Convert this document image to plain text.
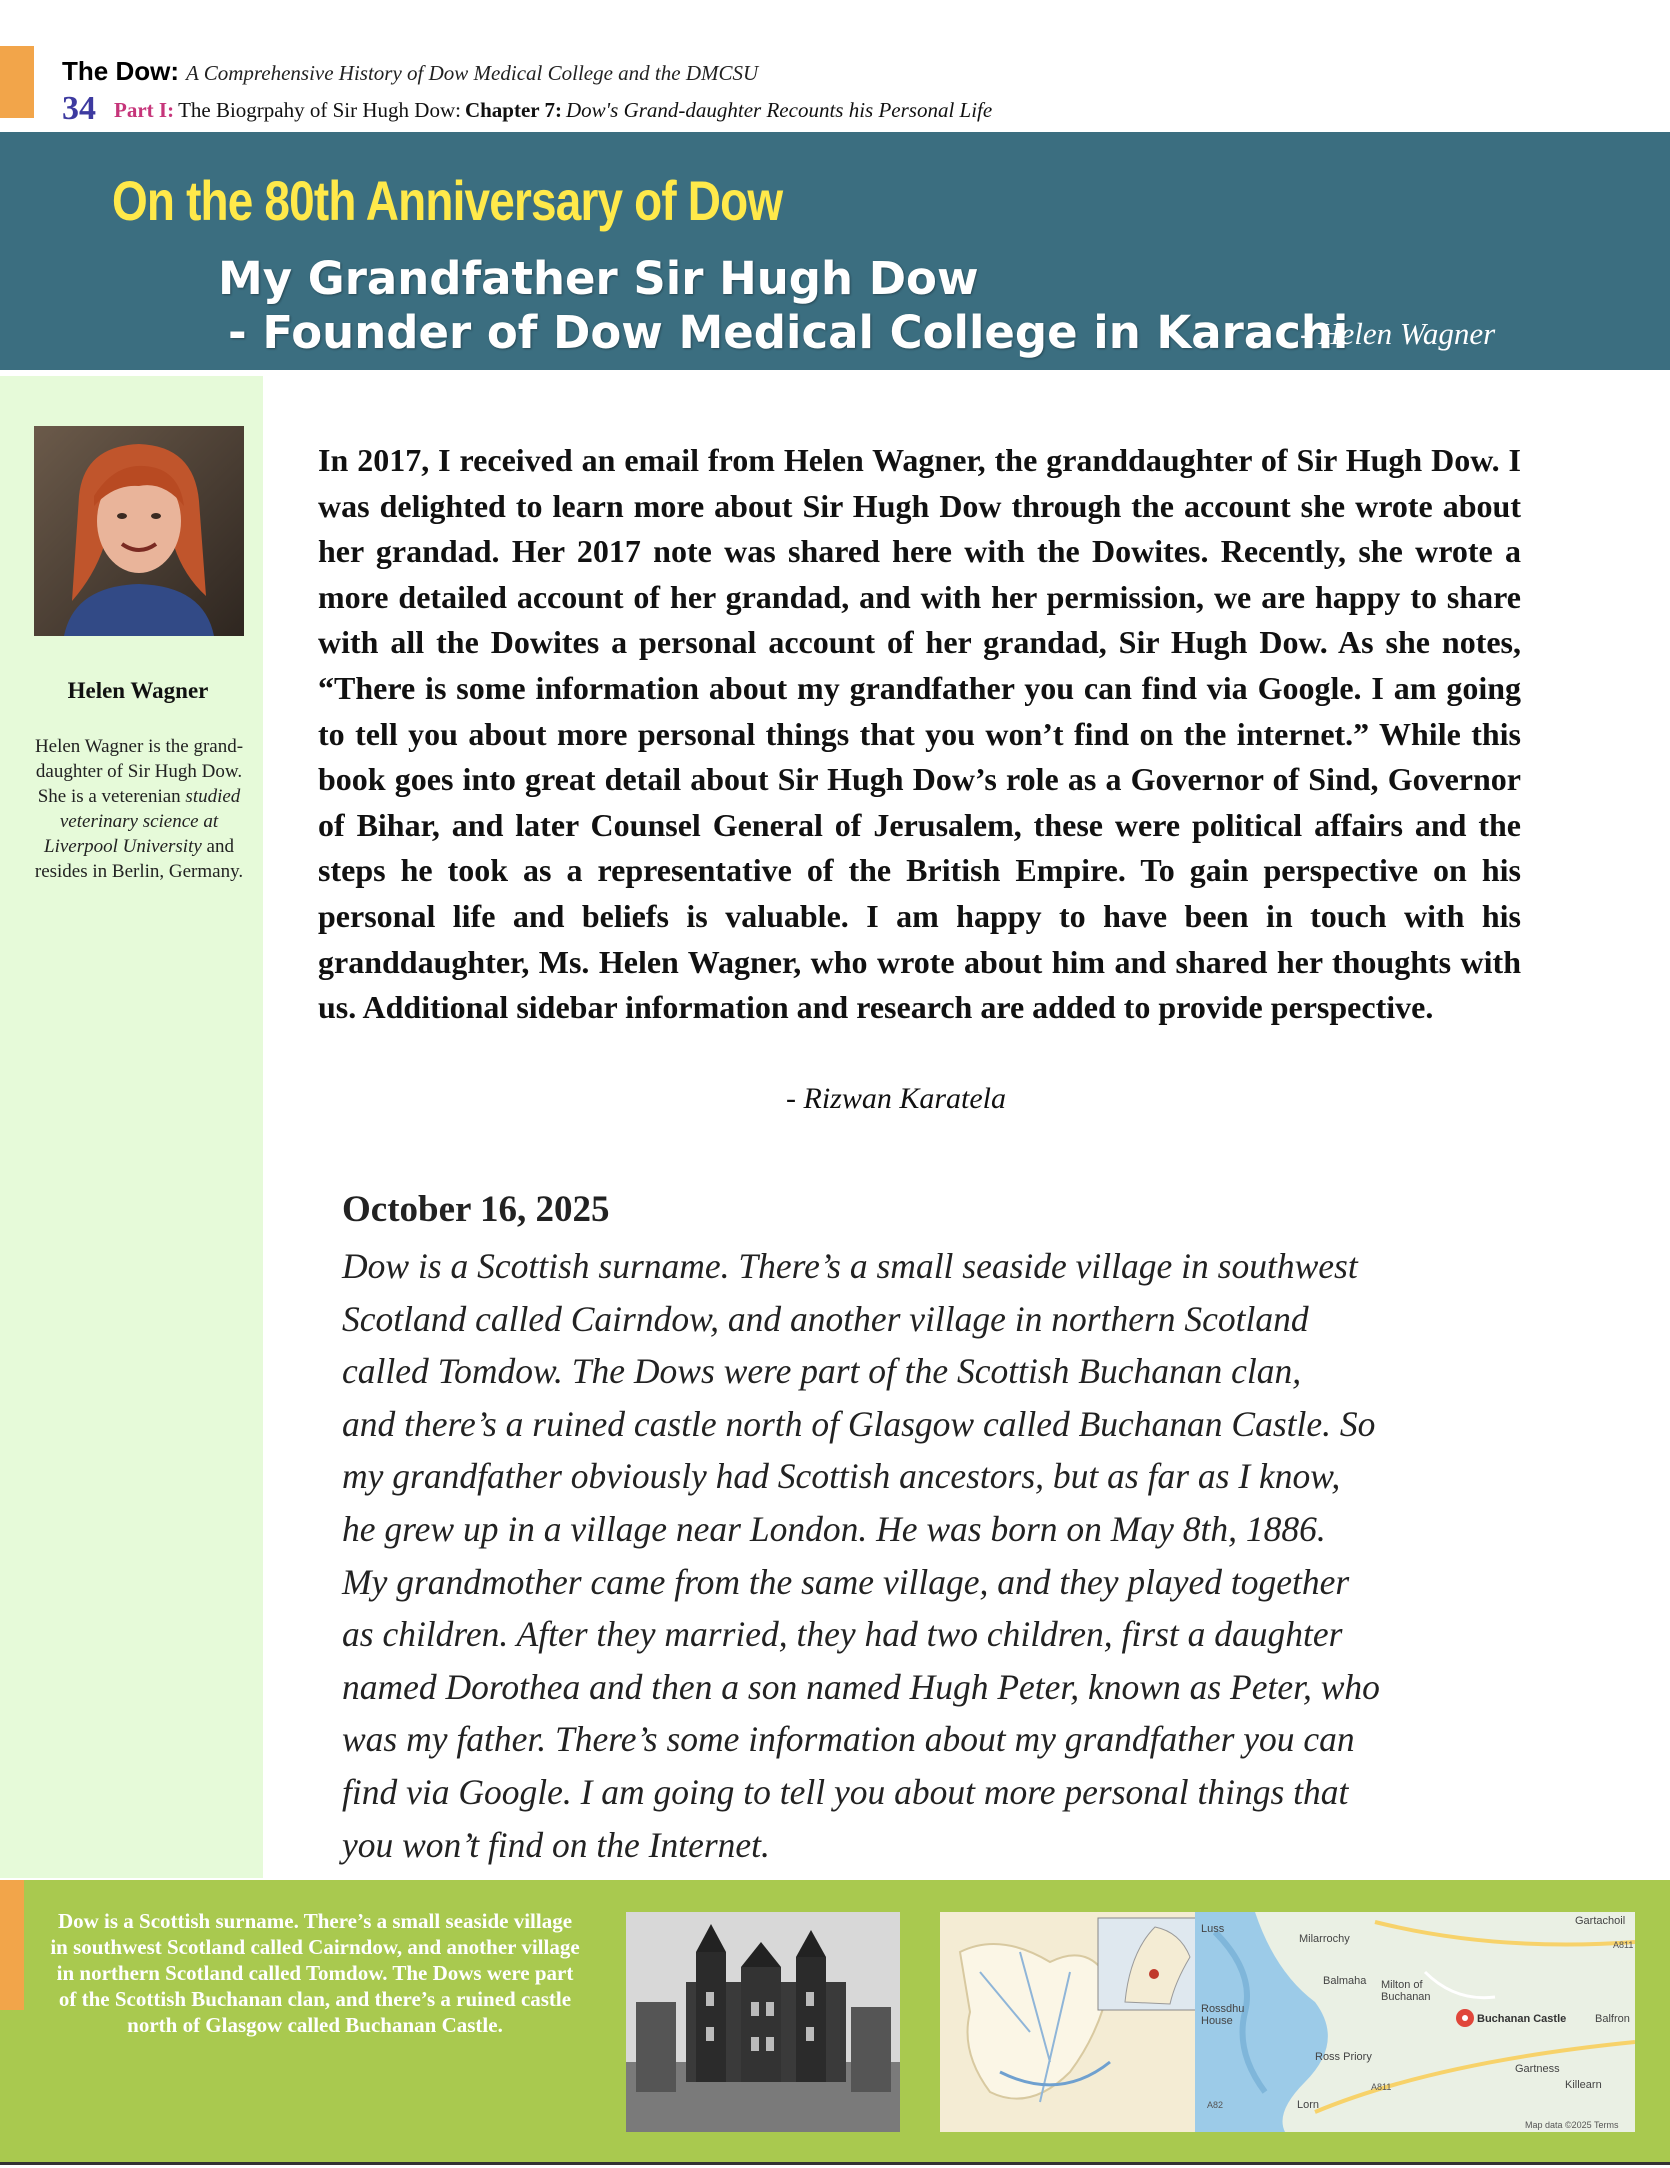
The Dow: A Comprehensive History of Dow Medical College and the DMCSU
34 Part I: The Biogrpahy of Sir Hugh Dow: Chapter 7: Dow's Grand-daughter Recounts his Personal Life
On the 80th Anniversary of Dow
My Grandfather Sir Hugh Dow
- Founder of Dow Medical College in Karachi
- Helen Wagner
Helen Wagner
Helen Wagner is the grand-daughter of Sir Hugh Dow. She is a veterenian studied veterinary science at Liverpool University and resides in Berlin, Germany.
In 2017, I received an email from Helen Wagner, the granddaughter of Sir Hugh Dow. I was delighted to learn more about Sir Hugh Dow through the account she wrote about her grandad. Her 2017 note was shared here with the Dowites. Recently, she wrote a more detailed account of her grandad, and with her permission, we are happy to share with all the Dowites a personal account of her grandad, Sir Hugh Dow. As she notes, “There is some information about my grandfather you can find via Google. I am going to tell you about more personal things that you won’t find on the internet.” While this book goes into great detail about Sir Hugh Dow’s role as a Governor of Sind, Governor of Bihar, and later Counsel General of Jerusalem, these were political affairs and the steps he took as a representative of the British Empire. To gain perspective on his personal life and beliefs is valuable. I am happy to have been in touch with his granddaughter, Ms. Helen Wagner, who wrote about him and shared her thoughts with us. Additional sidebar information and research are added to provide perspective.
- Rizwan Karatela
October 16, 2025
Dow is a Scottish surname. There’s a small seaside village in southwest
Scotland called Cairndow, and another village in northern Scotland
called Tomdow. The Dows were part of the Scottish Buchanan clan,
and there’s a ruined castle north of Glasgow called Buchanan Castle. So
my grandfather obviously had Scottish ancestors, but as far as I know,
he grew up in a village near London. He was born on May 8th, 1886.
My grandmother came from the same village, and they played together
as children. After they married, they had two children, first a daughter
named Dorothea and then a son named Hugh Peter, known as Peter, who
was my father. There’s some information about my grandfather you can
find via Google. I am going to tell you about more personal things that
you won’t find on the Internet.
Dow is a Scottish surname. There’s a small seaside village in southwest Scotland called Cairndow, and another village in northern Scotland called Tomdow. The Dows were part of the Scottish Buchanan clan, and there’s a ruined castle north of Glasgow called Buchanan Castle.
Luss
Rossdhu
House
Milarrochy
Balmaha Milton of
Buchanan
Buchanan Castle
Gartachoil
Balfron
Ross Priory
Gartness
Killearn
Lorn
A811
A811
A82
Map data ©2025 Terms
